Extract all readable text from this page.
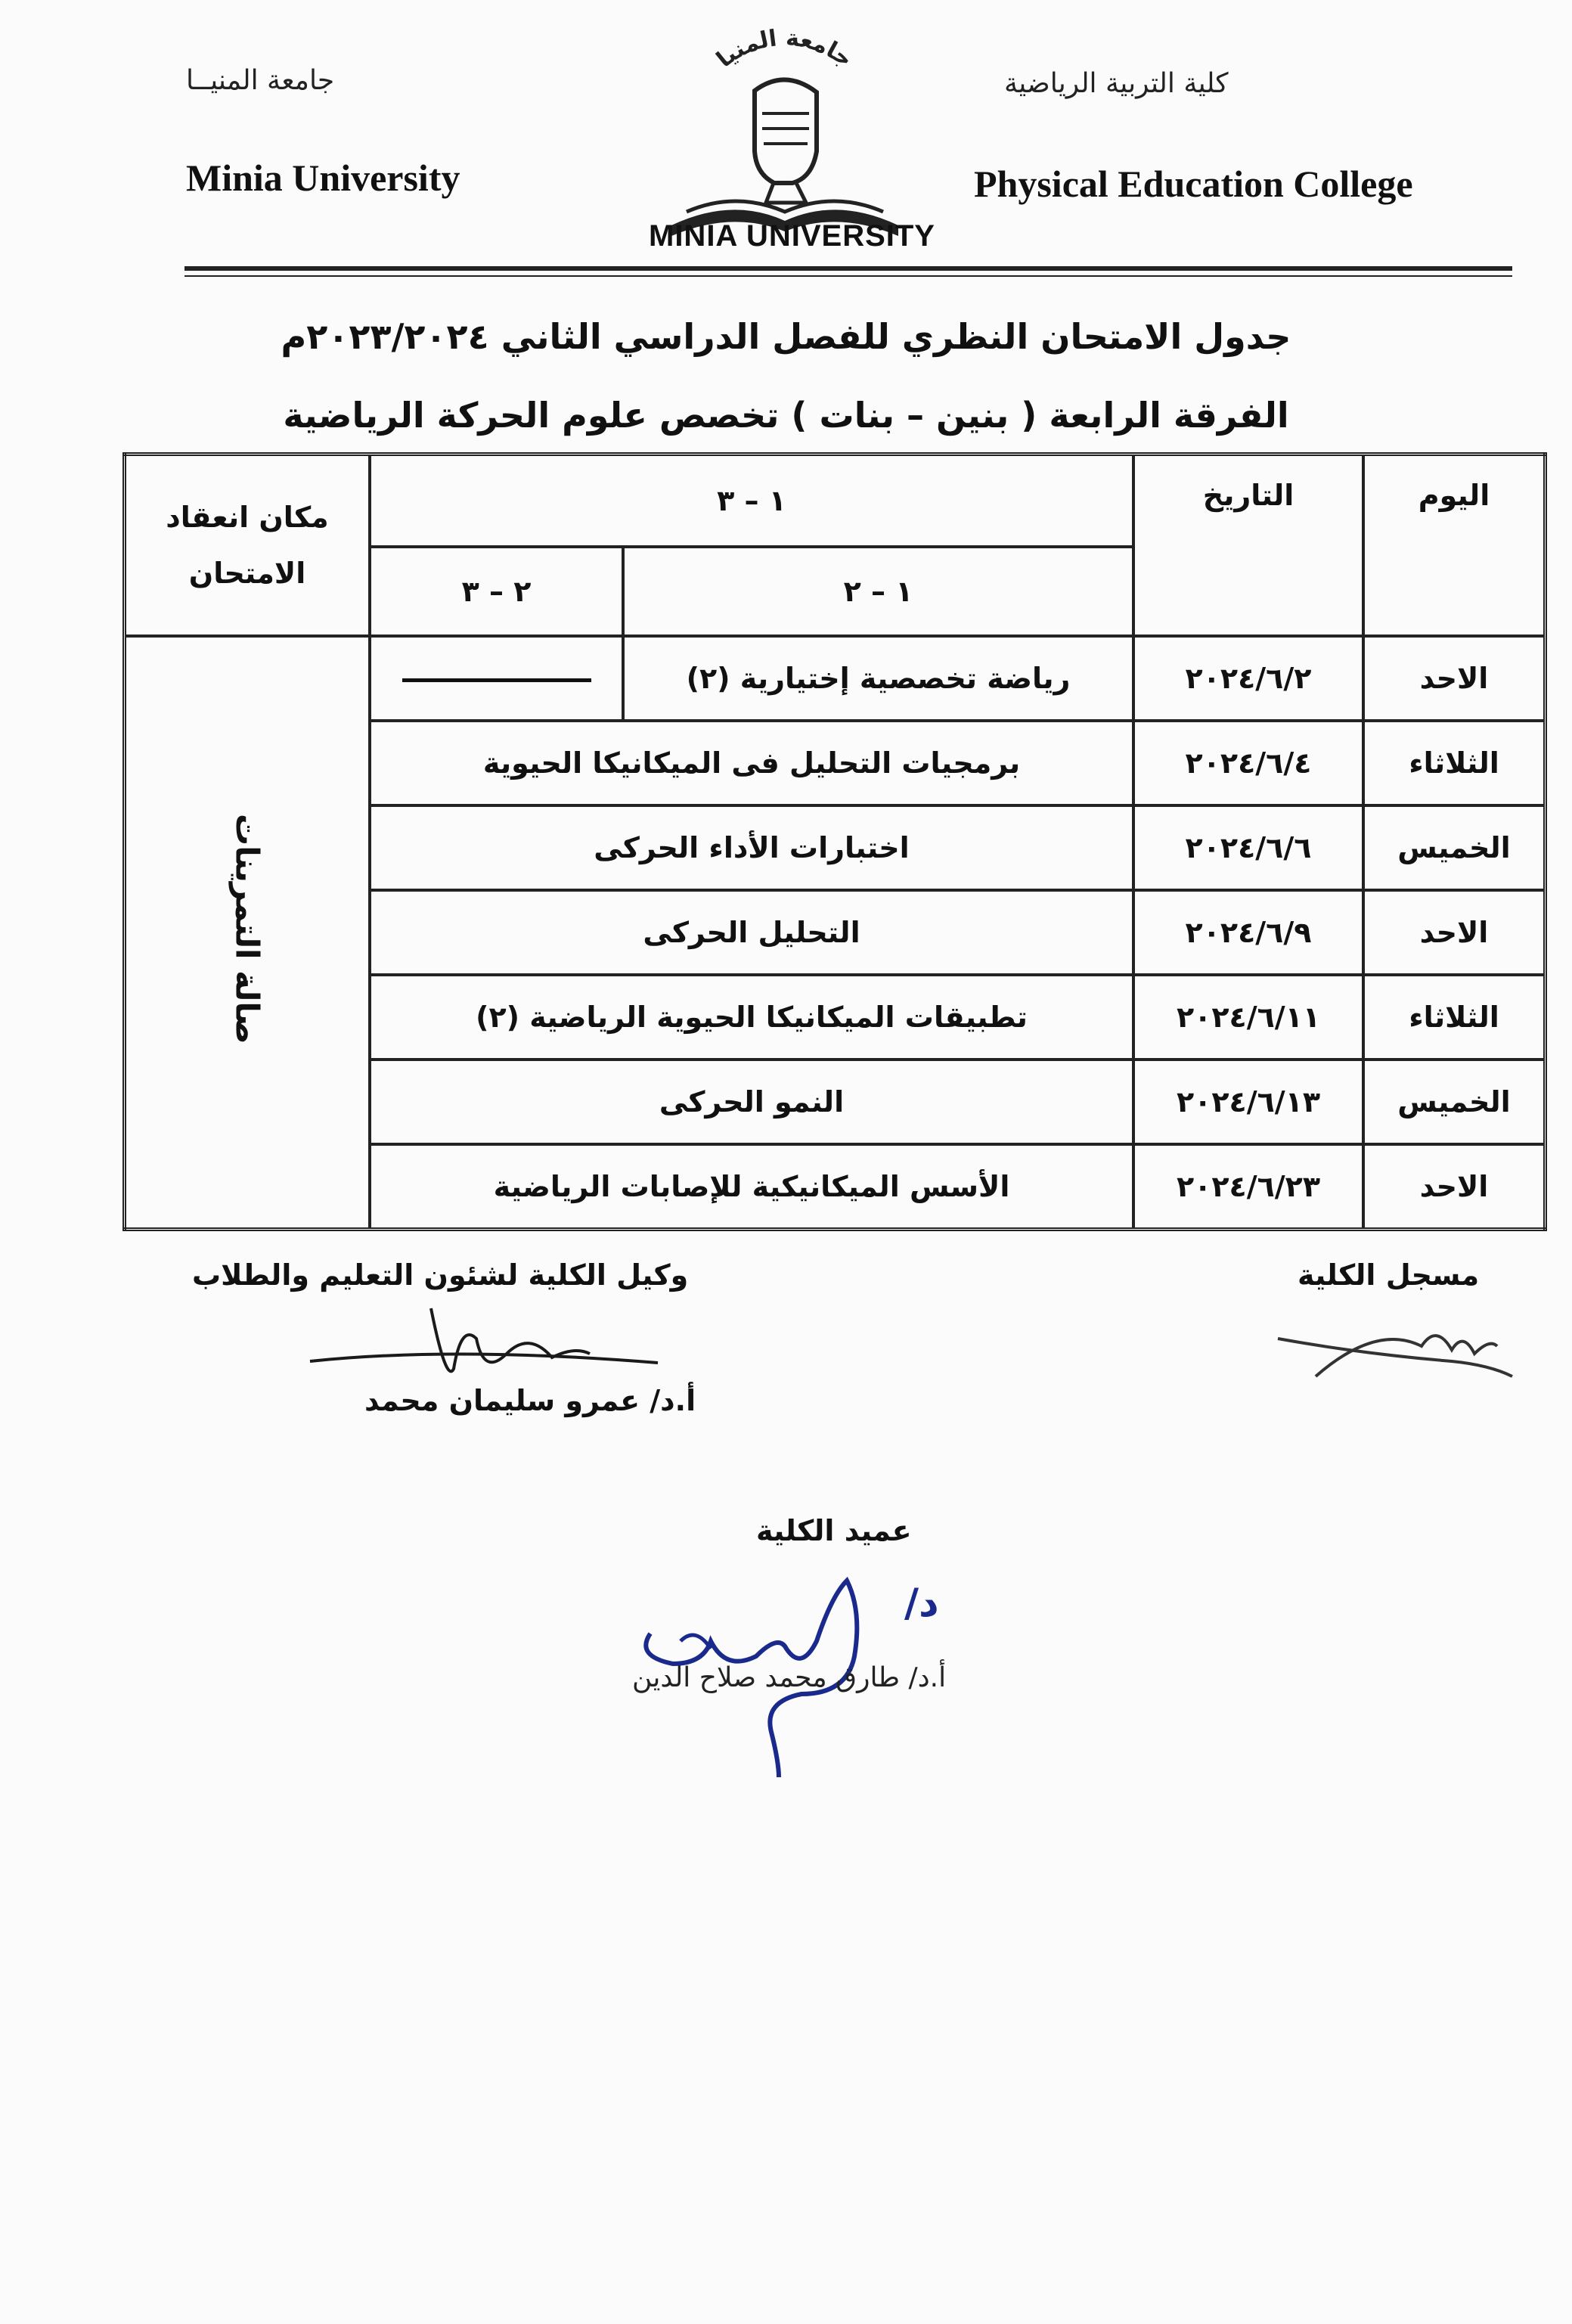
جامعة المنيــا	كلية التربية الرياضية
Minia University	Physical Education College
جامعة المنيا
MINIA UNIVERSITY
جدول الامتحان النظري للفصل الدراسي الثاني ٢٠٢٣/٢٠٢٤م
الفرقة الرابعة ( بنين – بنات ) تخصص علوم الحركة الرياضية
اليوم	التاريخ	١ – ٣		مكان انعقاد
الامتحان

		١ – ٢	٢ – ٣	
الاحد	٢٠٢٤/٦/٢	رياضة تخصصية إختيارية (٢)		صالة التمرينات
الثلاثاء	٢٠٢٤/٦/٤	برمجيات التحليل فى الميكانيكا الحيوية		
الخميس	٢٠٢٤/٦/٦	اختبارات الأداء الحركى		
الاحد	٢٠٢٤/٦/٩	التحليل الحركى		
الثلاثاء	٢٠٢٤/٦/١١	تطبيقات الميكانيكا الحيوية الرياضية (٢)		
الخميس	٢٠٢٤/٦/١٣	النمو الحركى		
الاحد	٢٠٢٤/٦/٢٣	الأسس الميكانيكية للإصابات الرياضية		
مسجل الكلية
وكيل الكلية لشئون التعليم والطلاب
أ.د/ عمرو سليمان محمد
عميد الكلية
د/
أ.د/ طارق محمد صلاح الدين
